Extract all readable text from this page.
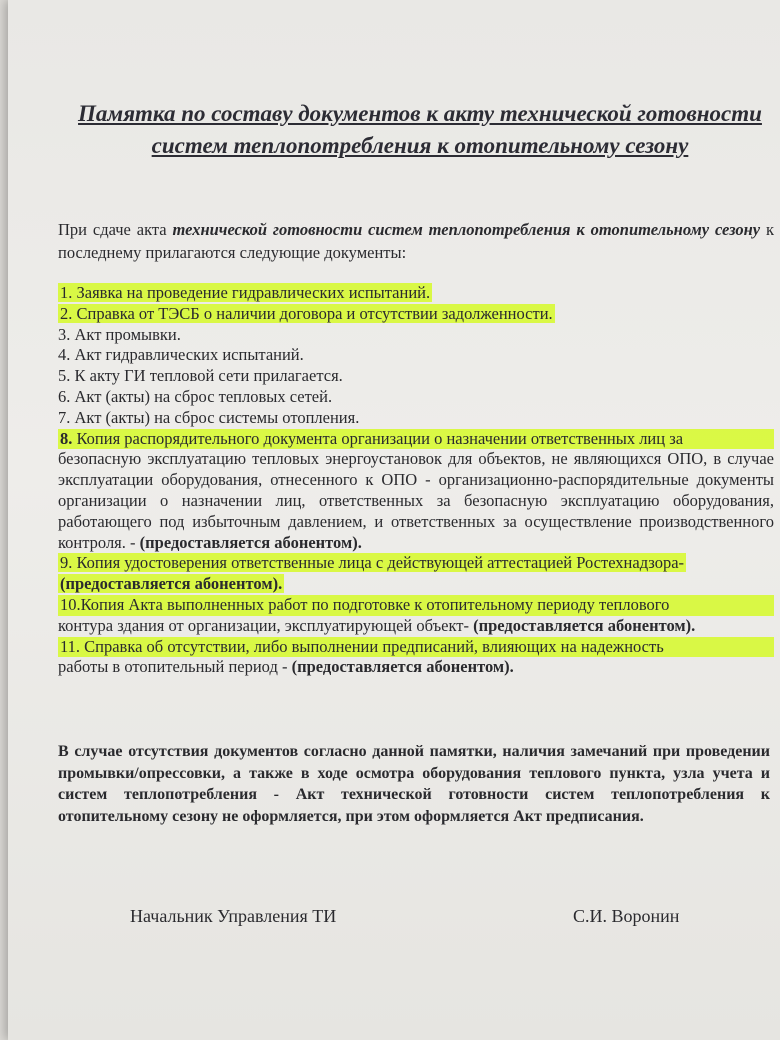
Памятка по составу документов к акту технической готовности систем теплопотребления к отопительному сезону
При сдаче акта технической готовности систем теплопотребления к отопительному сезону к последнему прилагаются следующие документы:
1. Заявка на проведение гидравлических испытаний.
2. Справка от ТЭСБ о наличии договора и отсутствии задолженности.
3. Акт промывки.
4. Акт гидравлических испытаний.
5. К акту ГИ тепловой сети прилагается.
6. Акт (акты) на сброс тепловых сетей.
7. Акт (акты) на сброс системы отопления.
8. Копия распорядительного документа организации о назначении ответственных лиц за
безопасную эксплуатацию тепловых энергоустановок для объектов, не являющихся ОПО, в случае эксплуатации оборудования, отнесенного к ОПО - организационно-распорядительные документы организации о назначении лиц, ответственных за безопасную эксплуатацию оборудования, работающего под избыточным давлением, и ответственных за осуществление производственного контроля. - (предоставляется абонентом).
9. Копия удостоверения ответственные лица с действующей аттестацией Ростехнадзора-
(предоставляется абонентом).
10.Копия Акта выполненных работ по подготовке к отопительному периоду теплового
контура здания от организации, эксплуатирующей объект- (предоставляется абонентом).
11. Справка об отсутствии, либо выполнении предписаний, влияющих на надежность
работы в отопительный период - (предоставляется абонентом).
В случае отсутствия документов согласно данной памятки, наличия замечаний при проведении промывки/опрессовки, а также в ходе осмотра оборудования теплового пункта, узла учета и систем теплопотребления - Акт технической готовности систем теплопотребления к отопительному сезону не оформляется, при этом оформляется Акт предписания.
Начальник Управления ТИ	С.И. Воронин
